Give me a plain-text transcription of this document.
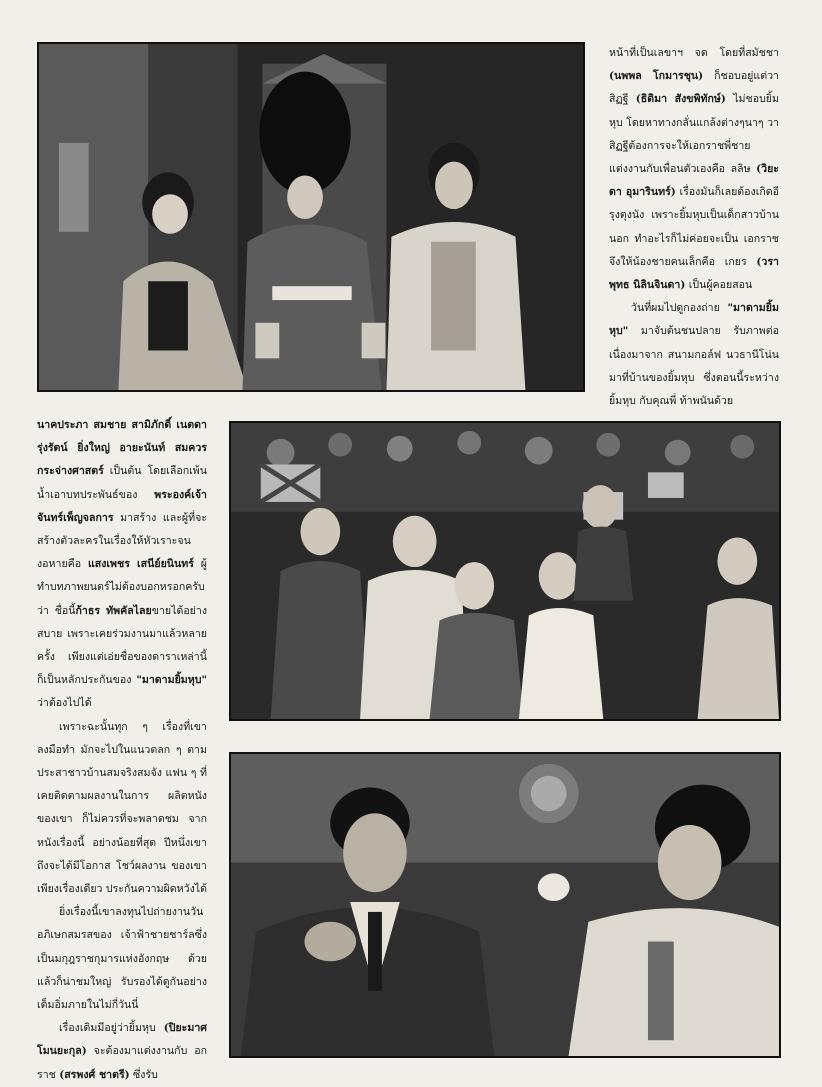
หน้าที่เป็นเลขาฯ จด โดยที่สมัชชา (นพพล โกมารชุน) ก็ชอบอยู่แต่วาสิฏฐี (ธิดิมา สังขพิทักษ์) ไม่ชอบยิ้มหุบ โดยหาทางกลั่นแกล้งต่างๆนาๆ วาสิฏฐีต้องการจะให้เอกราชพี่ชายแต่งงานกับเพื่อนตัวเองคือ ลลิษ (วิยะดา อุมารินทร์) เรื่องมันก็เลยต้องเกิดอีรุงตุงนัง เพราะยิ้มหุบเป็นเด็กสาวบ้านนอก ทำอะไรก็ไม่ค่อยจะเป็น เอกราชจึงให้น้องชายคนเล็กคือ เกยร (วราพุทธ นิลินจินดา) เป็นผู้คอยสอน

วันที่ผมไปดูกองถ่าย "มาดามยิ้มหุบ" มาจับต้นชนปลาย รับภาพต่อเนื่องมาจาก สนามกอล์ฟ นวธานีโน่น มาที่บ้านของยิ้มหุบ ซึ่งตอนนี้ระหว่างยิ้มหุบ กับคุณพี่ ท้าพนันด้วย

นาคประภา สมชาย สามิภักดิ์ เนตดา รุ่งรัตน์ ยิ่งใหญ่ อายะนันท์ สมควร กระจ่างศาสตร์ เป็นต้น โดยเลือกเพ้นน้ำเอาบทประพันธ์ของ พระองค์เจ้าจันทร์เพ็ญจลการ มาสร้าง และผู้ที่จะสร้างตัวละครในเรื่องให้หัวเราะจนงอหายคือ แสงเพชร เสนีย์ยนินทร์ ผู้ทำบทภาพยนตร์ไม่ต้องบอกหรอกครับว่า ชื่อนี้ก้าธร ทัพคัลไลยขายได้อย่างสบาย เพราะเคยร่วมงานมาแล้วหลายครั้ง เพียงแต่เอ่ยชื่อของดาราเหล่านี้ ก็เป็นหลักประกันของ "มาดามยิ้มหุบ" ว่าต้องไปได้

เพราะฉะนั้นทุก ๆ เรื่องที่เขาลงมือทำ มักจะไปในแนวตลก ๆ ตามประสาชาวบ้านสมจริงสมจัง แฟน ๆ ที่เคยติดตามผลงานในการ ผลิตหนังของเขา ก็ไม่ควรที่จะพลาดชม จากหนังเรื่องนี้ อย่างน้อยที่สุด ปีหนึ่งเขาถึงจะได้มีโอกาส โชว์ผลงาน ของเขาเพียงเรื่องเดียว ประกันความผิดหวังได้

ยิ่งเรื่องนี้เขาลงทุนไปถ่ายงานวันอภิเษกสมรสของ เจ้าฟ้าชายชาร์ลซึ่งเป็นมกุฎราชกุมารแห่งอังกฤษ ด้วยแล้วก็น่าชมใหญ่ รับรองได้ดูกันอย่างเต็มอิ่มภายในไม่กี่วันนี่

เรื่องเดิมมีอยู่ว่ายิ้มหุบ (ปิยะมาศ โมนยะกุล) จะต้องมาแต่งงานกับ อกราช (สรพงศ์ ชาตรี) ซึ่งรับ
